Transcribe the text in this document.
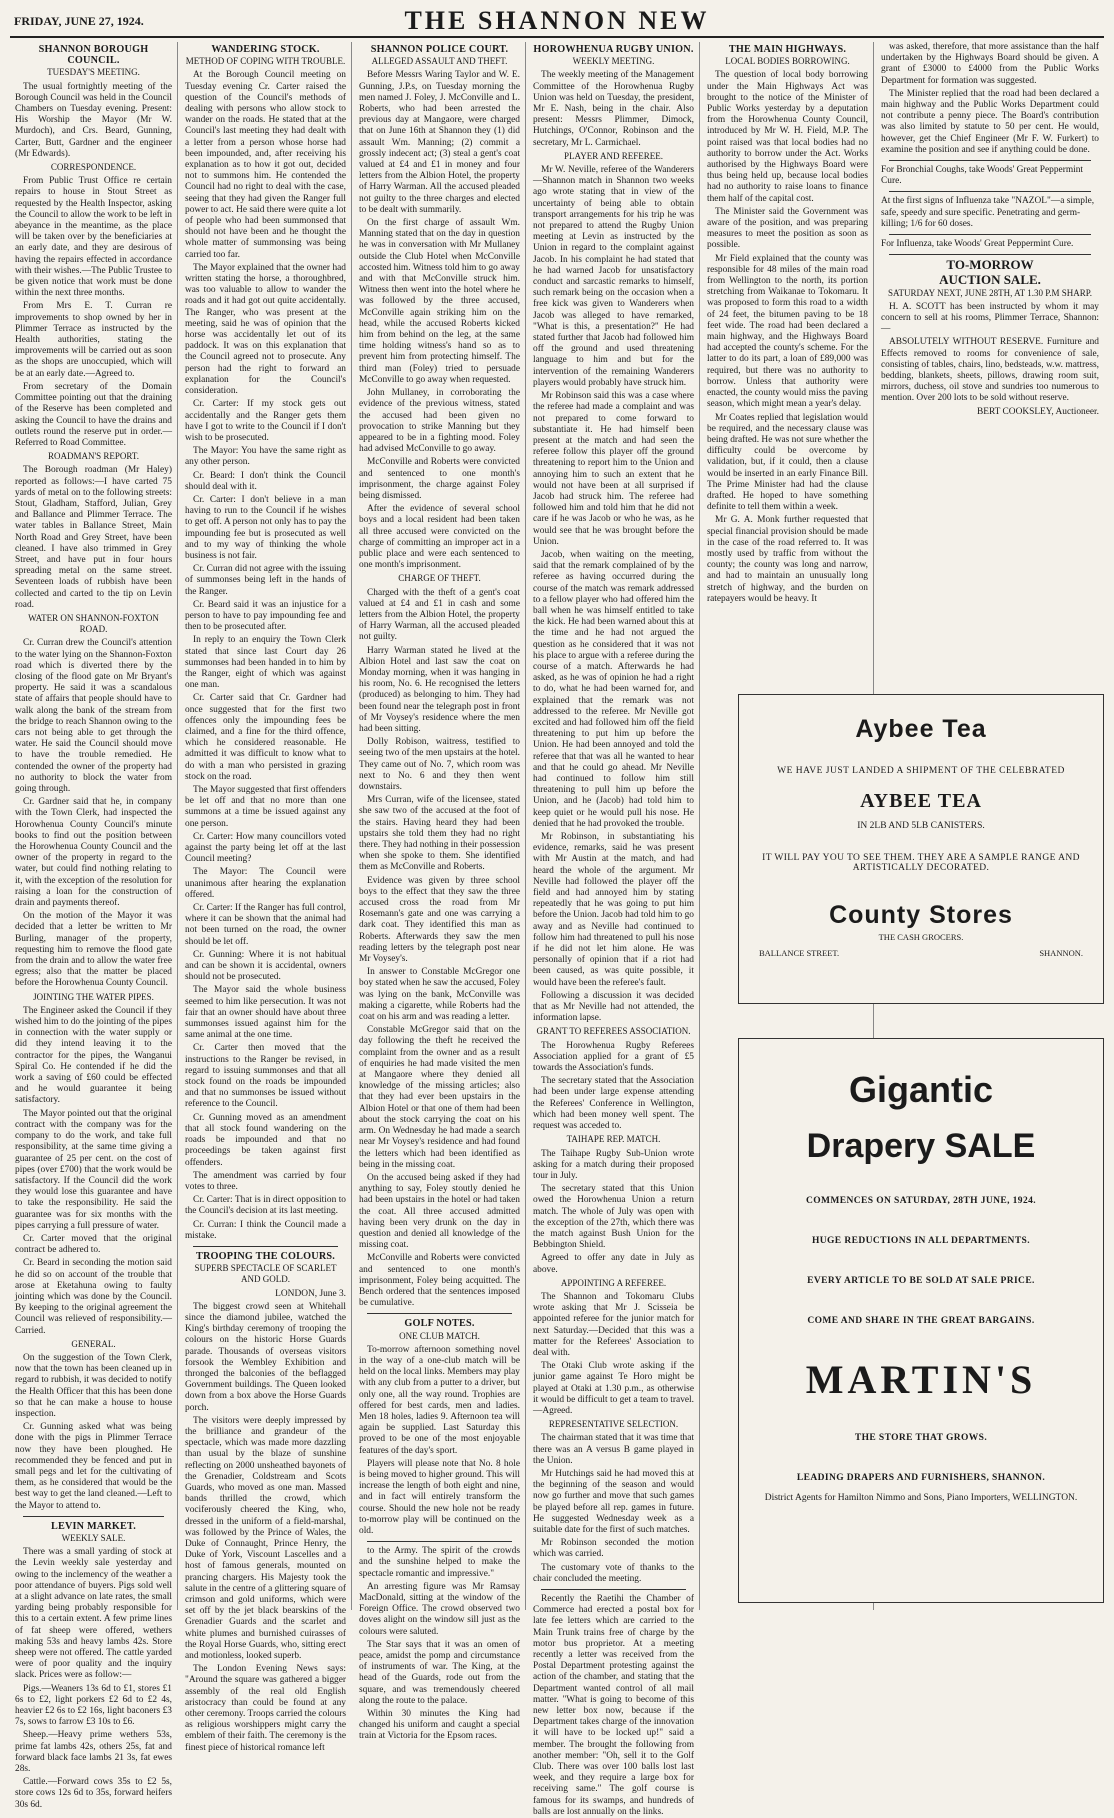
FRIDAY, JUNE 27, 1924.	THE SHANNON NEW
SHANNON BOROUGH COUNCIL.
TUESDAY'S MEETING.

The usual fortnightly meeting of the Borough Council was held in the Council Chambers on Tuesday evening. Present: His Worship the Mayor (Mr W. Murdoch), and Crs. Beard, Gunning, Carter, Butt, Gardner and the engineer (Mr Edwards).

CORRESPONDENCE.

From Public Trust Office re certain repairs to house in Stout Street as requested by the Health Inspector, asking the Council to allow the work to be left in abeyance in the meantime, as the place will be taken over by the beneficiaries at an early date, and they are desirous of having the repairs effected in accordance with their wishes.—The Public Trustee to be given notice that work must be done within the next three months.

From Mrs E. T. Curran re improvements to shop owned by her in Plimmer Terrace as instructed by the Health authorities, stating the improvements will be carried out as soon as the shops are unoccupied, which will be at an early date.—Agreed to.

From secretary of the Domain Committee pointing out that the draining of the Reserve has been completed and asking the Council to have the drains and outlets round the reserve put in order.—Referred to Road Committee.

ROADMAN'S REPORT.

The Borough roadman (Mr Haley) reported as follows:—I have carted 75 yards of metal on to the following streets: Stout, Gladham, Stafford, Julian, Grey and Ballance and Plimmer Terrace. The water tables in Ballance Street, Main North Road and Grey Street, have been cleaned. I have also trimmed in Grey Street, and have put in four hours spreading metal on the same street. Seventeen loads of rubbish have been collected and carted to the tip on Levin road.

WATER ON SHANNON-FOXTON ROAD.

Cr. Curran drew the Council's attention to the water lying on the Shannon-Foxton road which is diverted there by the closing of the flood gate on Mr Bryant's property. He said it was a scandalous state of affairs that people should have to walk along the bank of the stream from the bridge to reach Shannon owing to the cars not being able to get through the water. He said the Council should move to have the trouble remedied. He contended the owner of the property had no authority to block the water from going through.

Cr. Gardner said that he, in company with the Town Clerk, had inspected the Horowhenua County Council's minute books to find out the position between the Horowhenua County Council and the owner of the property in regard to the water, but could find nothing relating to it, with the exception of the resolution for raising a loan for the construction of drain and payments thereof.

On the motion of the Mayor it was decided that a letter be written to Mr Burling, manager of the property, requesting him to remove the flood gate from the drain and to allow the water free egress; also that the matter be placed before the Horowhenua County Council.

JOINTING THE WATER PIPES.

The Engineer asked the Council if they wished him to do the jointing of the pipes in connection with the water supply or did they intend leaving it to the contractor for the pipes, the Wanganui Spiral Co. He contended if he did the work a saving of £60 could be effected and he would guarantee it being satisfactory.

The Mayor pointed out that the original contract with the company was for the company to do the work, and take full responsibility, at the same time giving a guarantee of 25 per cent. on the cost of pipes (over £700) that the work would be satisfactory. If the Council did the work they would lose this guarantee and have to take the responsibility. He said the guarantee was for six months with the pipes carrying a full pressure of water.

Cr. Carter moved that the original contract be adhered to.

Cr. Beard in seconding the motion said he did so on account of the trouble that arose at Eketahuna owing to faulty jointing which was done by the Council. By keeping to the original agreement the Council was relieved of responsibility.—Carried.

GENERAL.

On the suggestion of the Town Clerk, now that the town has been cleaned up in regard to rubbish, it was decided to notify the Health Officer that this has been done so that he can make a house to house inspection.

Cr. Gunning asked what was being done with the pigs in Plimmer Terrace now they have been ploughed. He recommended they be fenced and put in small pegs and let for the cultivating of them, as he considered that would be the best way to get the land cleaned.—Left to the Mayor to attend to.

LEVIN MARKET.
WEEKLY SALE.

There was a small yarding of stock at the Levin weekly sale yesterday and owing to the inclemency of the weather a poor attendance of buyers. Pigs sold well at a slight advance on late rates, the small yarding being probably responsible for this to a certain extent. A few prime lines of fat sheep were offered, wethers making 53s and heavy lambs 42s. Store sheep were not offered. The cattle yarded were of poor quality and the inquiry slack. Prices were as follow:—

Pigs.—Weaners 13s 6d to £1, stores £1 6s to £2, light porkers £2 6d to £2 4s, heavier £2 6s to £2 16s, light baconers £3 7s, sows to farrow £3 10s to £6.

Sheep.—Heavy prime wethers 53s, prime fat lambs 42s, others 25s, fat and forward black face lambs 21 3s, fat ewes 28s.

Cattle.—Forward cows 35s to £2 5s, store cows 12s 6d to 35s, forward heifers 30s 6d.

WANDERING STOCK.
METHOD OF COPING WITH TROUBLE.

At the Borough Council meeting on Tuesday evening Cr. Carter raised the question of the Council's methods of dealing with persons who allow stock to wander on the roads. He stated that at the Council's last meeting they had dealt with a letter from a person whose horse had been impounded, and, after receiving his explanation as to how it got out, decided not to summons him. He contended the Council had no right to deal with the case, seeing that they had given the Ranger full power to act. He said there were quite a lot of people who had been summonsed that should not have been and he thought the whole matter of summonsing was being carried too far.

The Mayor explained that the owner had written stating the horse, a thoroughbred, was too valuable to allow to wander the roads and it had got out quite accidentally. The Ranger, who was present at the meeting, said he was of opinion that the horse was accidentally let out of its paddock. It was on this explanation that the Council agreed not to prosecute. Any person had the right to forward an explanation for the Council's consideration.

Cr. Carter: If my stock gets out accidentally and the Ranger gets them have I got to write to the Council if I don't wish to be prosecuted.

The Mayor: You have the same right as any other person.

Cr. Beard: I don't think the Council should deal with it.

Cr. Carter: I don't believe in a man having to run to the Council if he wishes to get off. A person not only has to pay the impounding fee but is prosecuted as well and to my way of thinking the whole business is not fair.

Cr. Curran did not agree with the issuing of summonses being left in the hands of the Ranger.

Cr. Beard said it was an injustice for a person to have to pay impounding fee and then to be prosecuted after.

In reply to an enquiry the Town Clerk stated that since last Court day 26 summonses had been handed in to him by the Ranger, eight of which was against one man.

Cr. Carter said that Cr. Gardner had once suggested that for the first two offences only the impounding fees be claimed, and a fine for the third offence, which he considered reasonable. He admitted it was difficult to know what to do with a man who persisted in grazing stock on the road.

The Mayor suggested that first offenders be let off and that no more than one summons at a time be issued against any one person.

Cr. Carter: How many councillors voted against the party being let off at the last Council meeting?

The Mayor: The Council were unanimous after hearing the explanation offered.

Cr. Carter: If the Ranger has full control, where it can be shown that the animal had not been turned on the road, the owner should be let off.

Cr. Gunning: Where it is not habitual and can be shown it is accidental, owners should not be prosecuted.

The Mayor said the whole business seemed to him like persecution. It was not fair that an owner should have about three summonses issued against him for the same animal at the one time.

Cr. Carter then moved that the instructions to the Ranger be revised, in regard to issuing summonses and that all stock found on the roads be impounded and that no summonses be issued without reference to the Council.

Cr. Gunning moved as an amendment that all stock found wandering on the roads be impounded and that no proceedings be taken against first offenders.

The amendment was carried by four votes to three.

Cr. Carter: That is in direct opposition to the Council's decision at its last meeting.

Cr. Curran: I think the Council made a mistake.

TROOPING THE COLOURS.
SUPERB SPECTACLE OF SCARLET AND GOLD.

LONDON, June 3.

The biggest crowd seen at Whitehall since the diamond jubilee, watched the King's birthday ceremony of trooping the colours on the historic Horse Guards parade. Thousands of overseas visitors forsook the Wembley Exhibition and thronged the balconies of the beflagged Government buildings. The Queen looked down from a box above the Horse Guards porch.

The visitors were deeply impressed by the brilliance and grandeur of the spectacle, which was made more dazzling than usual by the blaze of sunshine reflecting on 2000 unsheathed bayonets of the Grenadier, Coldstream and Scots Guards, who moved as one man. Massed bands thrilled the crowd, which vociferously cheered the King, who, dressed in the uniform of a field-marshal, was followed by the Prince of Wales, the Duke of Connaught, Prince Henry, the Duke of York, Viscount Lascelles and a host of famous generals, mounted on prancing chargers. His Majesty took the salute in the centre of a glittering square of crimson and gold uniforms, which were set off by the jet black bearskins of the Grenadier Guards and the scarlet and white plumes and burnished cuirasses of the Royal Horse Guards, who, sitting erect and motionless, looked superb.

The London Evening News says: "Around the square was gathered a bigger assembly of the real old English aristocracy than could be found at any other ceremony. Troops carried the colours as religious worshippers might carry the emblem of their faith. The ceremony is the finest piece of historical romance left

SHANNON POLICE COURT.
ALLEGED ASSAULT AND THEFT.

Before Messrs Waring Taylor and W. E. Gunning, J.P.s, on Tuesday morning the men named J. Foley, J. McConville and L. Roberts, who had been arrested the previous day at Mangaore, were charged that on June 16th at Shannon they (1) did assault Wm. Manning; (2) commit a grossly indecent act; (3) steal a gent's coat valued at £4 and £1 in money and four letters from the Albion Hotel, the property of Harry Warman. All the accused pleaded not guilty to the three charges and elected to be dealt with summarily.

On the first charge of assault Wm. Manning stated that on the day in question he was in conversation with Mr Mullaney outside the Club Hotel when McConville accosted him. Witness told him to go away and with that McConville struck him. Witness then went into the hotel where he was followed by the three accused, McConville again striking him on the head, while the accused Roberts kicked him from behind on the leg, at the same time holding witness's hand so as to prevent him from protecting himself. The third man (Foley) tried to persuade McConville to go away when requested.

John Mullaney, in corroborating the evidence of the previous witness, stated the accused had been given no provocation to strike Manning but they appeared to be in a fighting mood. Foley had advised McConville to go away.

McConville and Roberts were convicted and sentenced to one month's imprisonment, the charge against Foley being dismissed.

After the evidence of several school boys and a local resident had been taken all three accused were convicted on the charge of committing an improper act in a public place and were each sentenced to one month's imprisonment.

CHARGE OF THEFT.

Charged with the theft of a gent's coat valued at £4 and £1 in cash and some letters from the Albion Hotel, the property of Harry Warman, all the accused pleaded not guilty.

Harry Warman stated he lived at the Albion Hotel and last saw the coat on Monday morning, when it was hanging in his room, No. 6. He recognised the letters (produced) as belonging to him. They had been found near the telegraph post in front of Mr Voysey's residence where the men had been sitting.

Dolly Robison, waitress, testified to seeing two of the men upstairs at the hotel. They came out of No. 7, which room was next to No. 6 and they then went downstairs.

Mrs Curran, wife of the licensee, stated she saw two of the accused at the foot of the stairs. Having heard they had been upstairs she told them they had no right there. They had nothing in their possession when she spoke to them. She identified them as McConville and Roberts.

Evidence was given by three school boys to the effect that they saw the three accused cross the road from Mr Rosemann's gate and one was carrying a dark coat. They identified this man as Roberts. Afterwards they saw the men reading letters by the telegraph post near Mr Voysey's.

In answer to Constable McGregor one boy stated when he saw the accused, Foley was lying on the bank, McConville was making a cigarette, while Roberts had the coat on his arm and was reading a letter.

Constable McGregor said that on the day following the theft he received the complaint from the owner and as a result of enquiries he had made visited the men at Mangaore where they denied all knowledge of the missing articles; also that they had ever been upstairs in the Albion Hotel or that one of them had been about the stock carrying the coat on his arm. On Wednesday he had made a search near Mr Voysey's residence and had found the letters which had been identified as being in the missing coat.

On the accused being asked if they had anything to say, Foley stoutly denied he had been upstairs in the hotel or had taken the coat. All three accused admitted having been very drunk on the day in question and denied all knowledge of the missing coat.

McConville and Roberts were convicted and sentenced to one month's imprisonment, Foley being acquitted. The Bench ordered that the sentences imposed be cumulative.

GOLF NOTES.
ONE CLUB MATCH.

To-morrow afternoon something novel in the way of a one-club match will be held on the local links. Members may play with any club from a putter to a driver, but only one, all the way round. Trophies are offered for best cards, men and ladies. Men 18 holes, ladies 9. Afternoon tea will again be supplied. Last Saturday this proved to be one of the most enjoyable features of the day's sport.

Players will please note that No. 8 hole is being moved to higher ground. This will increase the length of both eight and nine, and in fact will entirely transform the course. Should the new hole not be ready to-morrow play will be continued on the old.

to the Army. The spirit of the crowds and the sunshine helped to make the spectacle romantic and impressive."

An arresting figure was Mr Ramsay MacDonald, sitting at the window of the Foreign Office. The crowd observed two doves alight on the window sill just as the colours were saluted.

The Star says that it was an omen of peace, amidst the pomp and circumstance of instruments of war. The King, at the head of the Guards, rode out from the square, and was tremendously cheered along the route to the palace.

Within 30 minutes the King had changed his uniform and caught a special train at Victoria for the Epsom races.

HOROWHENUA RUGBY UNION.
WEEKLY MEETING.

The weekly meeting of the Management Committee of the Horowhenua Rugby Union was held on Tuesday, the president, Mr E. Nash, being in the chair. Also present: Messrs Plimmer, Dimock, Hutchings, O'Connor, Robinson and the secretary, Mr L. Carmichael.

PLAYER AND REFEREE.

Mr W. Neville, referee of the Wanderers—Shannon match in Shannon two weeks ago wrote stating that in view of the uncertainty of being able to obtain transport arrangements for his trip he was not prepared to attend the Rugby Union meeting at Levin as instructed by the Union in regard to the complaint against Jacob. In his complaint he had stated that he had warned Jacob for unsatisfactory conduct and sarcastic remarks to himself, such remark being on the occasion when a free kick was given to Wanderers when Jacob was alleged to have remarked, "What is this, a presentation?" He had stated further that Jacob had followed him off the ground and used threatening language to him and but for the intervention of the remaining Wanderers players would probably have struck him.

Mr Robinson said this was a case where the referee had made a complaint and was not prepared to come forward to substantiate it. He had himself been present at the match and had seen the referee follow this player off the ground threatening to report him to the Union and annoying him to such an extent that he would not have been at all surprised if Jacob had struck him. The referee had followed him and told him that he did not care if he was Jacob or who he was, as he would see that he was brought before the Union.

Jacob, when waiting on the meeting, said that the remark complained of by the referee as having occurred during the course of the match was remark addressed to a fellow player who had offered him the ball when he was himself entitled to take the kick. He had been warned about this at the time and he had not argued the question as he considered that it was not his place to argue with a referee during the course of a match. Afterwards he had asked, as he was of opinion he had a right to do, what he had been warned for, and explained that the remark was not addressed to the referee. Mr Neville got excited and had followed him off the field threatening to put him up before the Union. He had been annoyed and told the referee that that was all he wanted to hear and that he could go ahead. Mr Neville had continued to follow him still threatening to pull him up before the Union, and he (Jacob) had told him to keep quiet or he would pull his nose. He denied that he had provoked the trouble.

Mr Robinson, in substantiating his evidence, remarks, said he was present with Mr Austin at the match, and had heard the whole of the argument. Mr Neville had followed the player off the field and had annoyed him by stating repeatedly that he was going to put him before the Union. Jacob had told him to go away and as Neville had continued to follow him had threatened to pull his nose if he did not let him alone. He was personally of opinion that if a riot had been caused, as was quite possible, it would have been the referee's fault.

Following a discussion it was decided that as Mr Neville had not attended, the information lapse.

GRANT TO REFEREES ASSOCIATION.

The Horowhenua Rugby Referees Association applied for a grant of £5 towards the Association's funds.

The secretary stated that the Association had been under large expense attending the Referees' Conference in Wellington, which had been money well spent. The request was acceded to.

TAIHAPE REP. MATCH.

The Taihape Rugby Sub-Union wrote asking for a match during their proposed tour in July.

The secretary stated that this Union owed the Horowhenua Union a return match. The whole of July was open with the exception of the 27th, which there was the match against Bush Union for the Bebbington Shield.

Agreed to offer any date in July as above.

APPOINTING A REFEREE.

The Shannon and Tokomaru Clubs wrote asking that Mr J. Scisseia be appointed referee for the junior match for next Saturday.—Decided that this was a matter for the Referees' Association to deal with.

The Otaki Club wrote asking if the junior game against Te Horo might be played at Otaki at 1.30 p.m., as otherwise it would be difficult to get a team to travel.—Agreed.

REPRESENTATIVE SELECTION.

The chairman stated that it was time that there was an A versus B game played in the Union.

Mr Hutchings said he had moved this at the beginning of the season and would now go further and move that such games be played before all rep. games in future. He suggested Wednesday week as a suitable date for the first of such matches.

Mr Robinson seconded the motion which was carried.

The customary vote of thanks to the chair concluded the meeting.

Recently the Raetihi the Chamber of Commerce had erected a postal box for late fee letters which are carried to the Main Trunk trains free of charge by the motor bus proprietor. At a meeting recently a letter was received from the Postal Department protesting against the action of the chamber, and stating that the Department wanted control of all mail matter. "What is going to become of this new letter box now, because if the Department takes charge of the innovation it will have to be locked up!" said a member. The brought the following from another member: "Oh, sell it to the Golf Club. There was over 100 balls lost last week, and they require a large box for receiving same." The golf course is famous for its swamps, and hundreds of balls are lost annually on the links.

THE MAIN HIGHWAYS.
LOCAL BODIES BORROWING.

The question of local body borrowing under the Main Highways Act was brought to the notice of the Minister of Public Works yesterday by a deputation from the Horowhenua County Council, introduced by Mr W. H. Field, M.P. The point raised was that local bodies had no authority to borrow under the Act. Works authorised by the Highways Board were thus being held up, because local bodies had no authority to raise loans to finance them half of the capital cost.

The Minister said the Government was aware of the position, and was preparing measures to meet the position as soon as possible.

Mr Field explained that the county was responsible for 48 miles of the main road from Wellington to the north, its portion stretching from Waikanae to Tokomaru. It was proposed to form this road to a width of 24 feet, the bitumen paving to be 18 feet wide. The road had been declared a main highway, and the Highways Board had accepted the county's scheme. For the latter to do its part, a loan of £89,000 was required, but there was no authority to borrow. Unless that authority were enacted, the county would miss the paving season, which might mean a year's delay.

Mr Coates replied that legislation would be required, and the necessary clause was being drafted. He was not sure whether the difficulty could be overcome by validation, but, if it could, then a clause would be inserted in an early Finance Bill. The Prime Minister had had the clause drafted. He hoped to have something definite to tell them within a week.

Mr G. A. Monk further requested that special financial provision should be made in the case of the road referred to. It was mostly used by traffic from without the county; the county was long and narrow, and had to maintain an unusually long stretch of highway, and the burden on ratepayers would be heavy. It

was asked, therefore, that more assistance than the half undertaken by the Highways Board should be given. A grant of £3000 to £4000 from the Public Works Department for formation was suggested.

The Minister replied that the road had been declared a main highway and the Public Works Department could not contribute a penny piece. The Board's contribution was also limited by statute to 50 per cent. He would, however, get the Chief Engineer (Mr F. W. Furkert) to examine the position and see if anything could be done.

For Bronchial Coughs, take Woods' Great Peppermint Cure.

At the first signs of Influenza take "NAZOL"—a simple, safe, speedy and sure specific. Penetrating and germ-killing; 1/6 for 60 doses.

For Influenza, take Woods' Great Peppermint Cure.

TO-MORROW
AUCTION SALE.
SATURDAY NEXT, JUNE 28TH, AT 1.30 P.M SHARP.

H. A. SCOTT has been instructed by whom it may concern to sell at his rooms, Plimmer Terrace, Shannon:—

ABSOLUTELY WITHOUT RESERVE. Furniture and Effects removed to rooms for convenience of sale, consisting of tables, chairs, lino, bedsteads, w.w. mattress, bedding, blankets, sheets, pillows, drawing room suit, mirrors, duchess, oil stove and sundries too numerous to mention. Over 200 lots to be sold without reserve.

BERT COOKSLEY, Auctioneer.

Aybee Tea
WE HAVE JUST LANDED A SHIPMENT OF THE CELEBRATED
AYBEE TEA
IN 2LB AND 5LB CANISTERS.
IT WILL PAY YOU TO SEE THEM. THEY ARE A SAMPLE RANGE AND ARTISTICALLY DECORATED.
County Stores
THE CASH GROCERS.
BALLANCE STREET.	SHANNON.
Gigantic
Drapery SALE
COMMENCES ON SATURDAY, 28TH JUNE, 1924.
HUGE REDUCTIONS IN ALL DEPARTMENTS.
EVERY ARTICLE TO BE SOLD AT SALE PRICE.
COME AND SHARE IN THE GREAT BARGAINS.
MARTIN'S
THE STORE THAT GROWS.
LEADING DRAPERS AND FURNISHERS, SHANNON.
District Agents for Hamilton Nimmo and Sons, Piano Importers, WELLINGTON.
